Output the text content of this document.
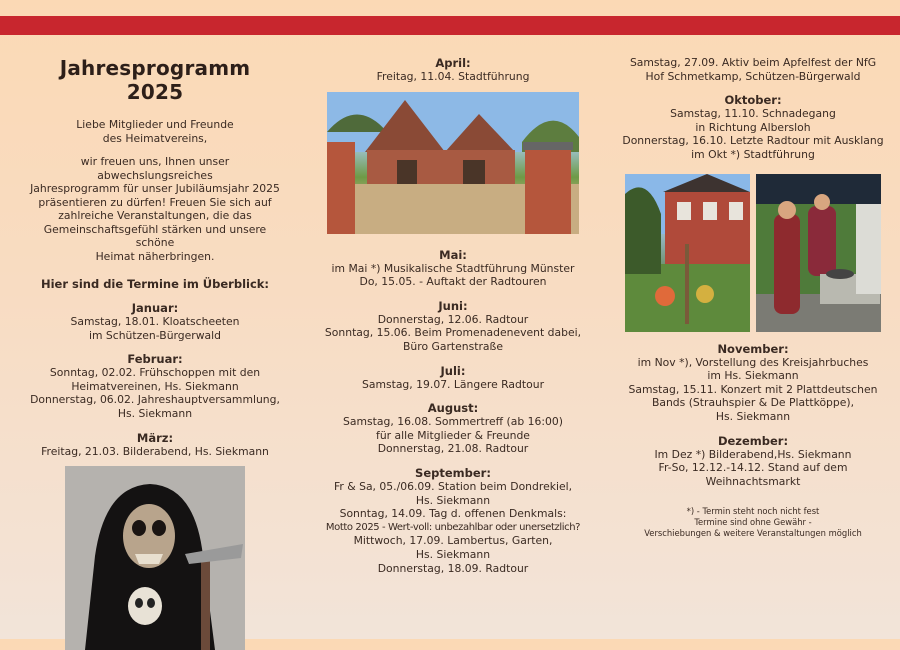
Jahresprogramm 2025
Liebe Mitglieder und Freunde
des Heimatvereins,
wir freuen uns, Ihnen unser abwechslungsreiches
Jahresprogramm für unser Jubiläumsjahr 2025
präsentieren zu dürfen! Freuen Sie sich auf
zahlreiche Veranstaltungen, die das
Gemeinschaftsgefühl stärken und unsere schöne
Heimat näherbringen.
Hier sind die Termine im Überblick:
Januar:
Samstag, 18.01. Kloatscheeten
im Schützen-Bürgerwald
Februar:
Sonntag, 02.02. Frühschoppen mit den
Heimatvereinen, Hs. Siekmann
Donnerstag, 06.02. Jahreshauptversammlung,
Hs. Siekmann
März:
Freitag, 21.03. Bilderabend, Hs. Siekmann
April:
Freitag, 11.04. Stadtführung
Mai:
im Mai *) Musikalische Stadtführung Münster
Do, 15.05. - Auftakt der Radtouren
Juni:
Donnerstag, 12.06. Radtour
Sonntag, 15.06. Beim Promenadenevent dabei,
Büro Gartenstraße
Juli:
Samstag, 19.07. Längere Radtour
August:
Samstag, 16.08. Sommertreff (ab 16:00)
für alle Mitglieder & Freunde
Donnerstag, 21.08. Radtour
September:
Fr & Sa, 05./06.09. Station beim Dondrekiel,
Hs. Siekmann
Sonntag, 14.09. Tag d. offenen Denkmals:
Motto 2025 - Wert-voll: unbezahlbar oder unersetzlich?
Mittwoch, 17.09. Lambertus, Garten,
Hs. Siekmann
Donnerstag, 18.09. Radtour
Samstag, 27.09. Aktiv beim Apfelfest der NfG
Hof Schmetkamp, Schützen-Bürgerwald
Oktober:
Samstag, 11.10. Schnadegang
in Richtung Albersloh
Donnerstag, 16.10. Letzte Radtour mit Ausklang
im Okt *) Stadtführung
November:
im Nov *), Vorstellung des Kreisjahrbuches
im Hs. Siekmann
Samstag, 15.11. Konzert mit 2 Plattdeutschen
Bands (Strauhspier & De Plattköppe),
Hs. Siekmann
Dezember:
Im Dez *) Bilderabend,Hs. Siekmann
Fr-So, 12.12.-14.12. Stand auf dem
Weihnachtsmarkt
*) - Termin steht noch nicht fest
Termine sind ohne Gewähr -
Verschiebungen & weitere Veranstaltungen möglich
